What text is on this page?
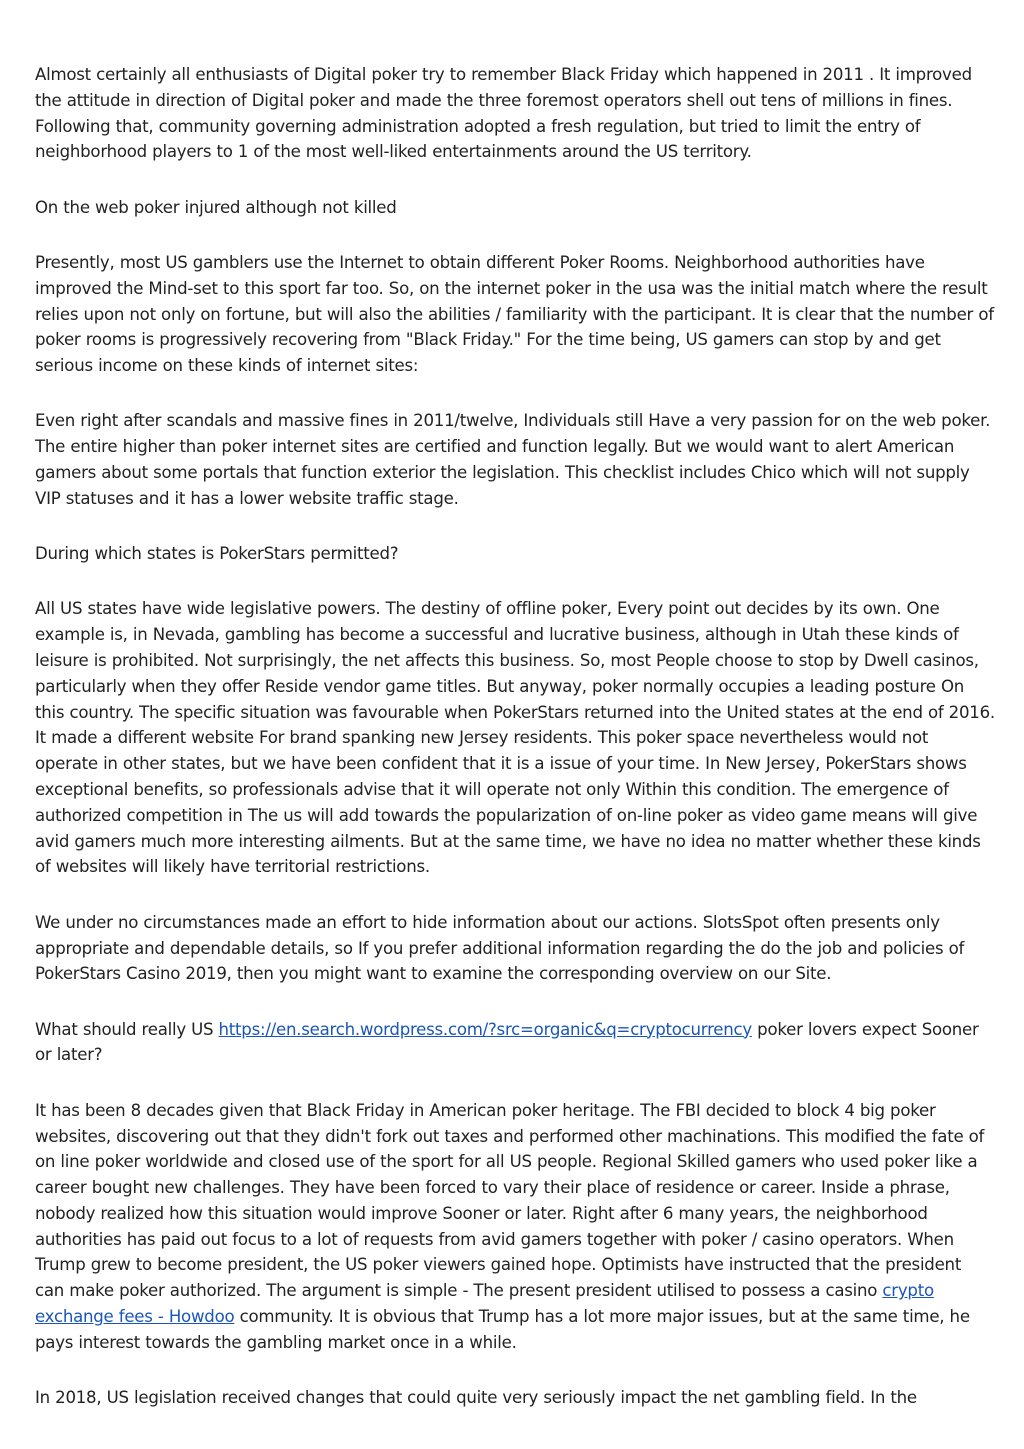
Almost certainly all enthusiasts of Digital poker try to remember Black Friday which happened in 2011 . It improved the attitude in direction of Digital poker and made the three foremost operators shell out tens of millions in fines. Following that, community governing administration adopted a fresh regulation, but tried to limit the entry of neighborhood players to 1 of the most well-liked entertainments around the US territory.

On the web poker injured although not killed

Presently, most US gamblers use the Internet to obtain different Poker Rooms. Neighborhood authorities have improved the Mind-set to this sport far too. So, on the internet poker in the usa was the initial match where the result relies upon not only on fortune, but will also the abilities / familiarity with the participant. It is clear that the number of poker rooms is progressively recovering from "Black Friday." For the time being, US gamers can stop by and get serious income on these kinds of internet sites:

Even right after scandals and massive fines in 2011/twelve, Individuals still Have a very passion for on the web poker. The entire higher than poker internet sites are certified and function legally. But we would want to alert American gamers about some portals that function exterior the legislation. This checklist includes Chico which will not supply VIP statuses and it has a lower website traffic stage.

During which states is PokerStars permitted?

All US states have wide legislative powers. The destiny of offline poker, Every point out decides by its own. One example is, in Nevada, gambling has become a successful and lucrative business, although in Utah these kinds of leisure is prohibited. Not surprisingly, the net affects this business. So, most People choose to stop by Dwell casinos, particularly when they offer Reside vendor game titles. But anyway, poker normally occupies a leading posture On this country. The specific situation was favourable when PokerStars returned into the United states at the end of 2016. It made a different website For brand spanking new Jersey residents. This poker space nevertheless would not operate in other states, but we have been confident that it is a issue of your time. In New Jersey, PokerStars shows exceptional benefits, so professionals advise that it will operate not only Within this condition. The emergence of authorized competition in The us will add towards the popularization of on-line poker as video game means will give avid gamers much more interesting ailments. But at the same time, we have no idea no matter whether these kinds of websites will likely have territorial restrictions.

We under no circumstances made an effort to hide information about our actions. SlotsSpot often presents only appropriate and dependable details, so If you prefer additional information regarding the do the job and policies of PokerStars Casino 2019, then you might want to examine the corresponding overview on our Site.

What should really US https://en.search.wordpress.com/?src=organic&q=cryptocurrency poker lovers expect Sooner or later?

It has been 8 decades given that Black Friday in American poker heritage. The FBI decided to block 4 big poker websites, discovering out that they didn't fork out taxes and performed other machinations. This modified the fate of on line poker worldwide and closed use of the sport for all US people. Regional Skilled gamers who used poker like a career bought new challenges. They have been forced to vary their place of residence or career. Inside a phrase, nobody realized how this situation would improve Sooner or later. Right after 6 many years, the neighborhood authorities has paid out focus to a lot of requests from avid gamers together with poker / casino operators. When Trump grew to become president, the US poker viewers gained hope. Optimists have instructed that the president can make poker authorized. The argument is simple - The present president utilised to possess a casino crypto exchange fees - Howdoo community. It is obvious that Trump has a lot more major issues, but at the same time, he pays interest towards the gambling market once in a while.

In 2018, US legislation received changes that could quite very seriously impact the net gambling field. In the
